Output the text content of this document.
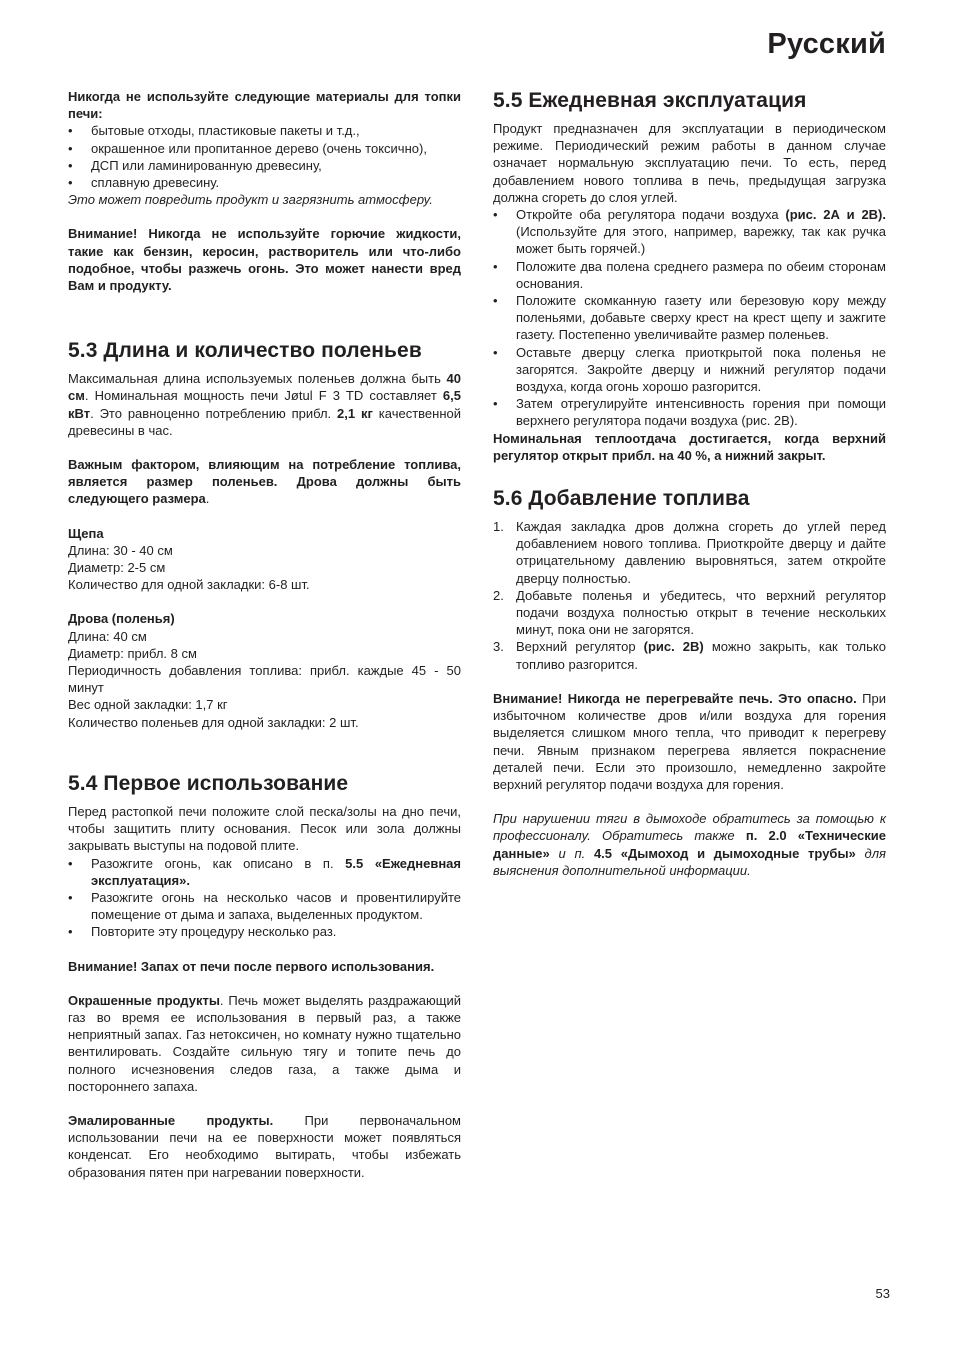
Русский

Никогда не используйте следующие материалы для топки печи:

•	бытовые отходы, пластиковые пакеты и т.д.,
•	окрашенное или пропитанное дерево (очень токсично),
•	ДСП или ламинированную древесину,
•	сплавную древесину.

Это может повредить продукт и загрязнить атмосферу.

Внимание! Никогда не используйте горючие жидкости, такие как бензин, керосин, растворитель или что-либо подобное, чтобы разжечь огонь. Это может нанести вред Вам и продукту.

5.3 Длина и количество поленьев

Максимальная длина используемых поленьев должна быть 40 см. Номинальная мощность печи Jøtul F 3 TD составляет 6,5 кВт. Это равноценно потреблению прибл. 2,1 кг качественной древесины в час.

Важным фактором, влияющим на потребление топлива, является размер поленьев. Дрова должны быть следующего размера.

Щепа

Длина: 30 - 40 см

Диаметр: 2-5 см

Количество для одной закладки: 6-8 шт.

Дрова (поленья)

Длина: 40 см

Диаметр: прибл. 8 см

Периодичность добавления топлива: прибл. каждые 45 - 50 минут

Вес одной закладки: 1,7 кг

Количество поленьев для одной закладки: 2 шт.

5.4 Первое использование

Перед растопкой печи положите слой песка/золы на дно печи, чтобы защитить плиту основания. Песок или зола должны закрывать выступы на подовой плите.

•	Разожгите огонь, как описано в п. 5.5 «Ежедневная эксплуатация».
•	Разожгите огонь на несколько часов и провентилируйте помещение от дыма и запаха, выделенных продуктом.
•	Повторите эту процедуру несколько раз.

Внимание! Запах от печи после первого использования.

Окрашенные продукты. Печь может выделять раздражающий газ во время ее использования в первый раз, а также неприятный запах. Газ нетоксичен, но комнату нужно тщательно вентилировать. Создайте сильную тягу и топите печь до полного исчезновения следов газа, а также дыма и постороннего запаха.

Эмалированные продукты. При первоначальном использовании печи на ее поверхности может появляться конденсат. Его необходимо вытирать, чтобы избежать образования пятен при нагревании поверхности.

5.5 Ежедневная эксплуатация

Продукт предназначен для эксплуатации в периодическом режиме. Периодический режим работы в данном случае означает нормальную эксплуатацию печи. То есть, перед добавлением нового топлива в печь, предыдущая загрузка должна сгореть до слоя углей.

•	Откройте оба регулятора подачи воздуха (рис. 2А и 2В). (Используйте для этого, например, варежку, так как ручка может быть горячей.)
•	Положите два полена среднего размера по обеим сторонам основания.
•	Положите скомканную газету или березовую кору между поленьями, добавьте сверху крест на крест щепу и зажгите газету. Постепенно увеличивайте размер поленьев.
•	Оставьте дверцу слегка приоткрытой пока поленья не загорятся. Закройте дверцу и нижний регулятор подачи воздуха, когда огонь хорошо разгорится.
•	Затем отрегулируйте интенсивность горения при помощи верхнего регулятора подачи воздуха (рис. 2В).

Номинальная теплоотдача достигается, когда верхний регулятор открыт прибл. на 40 %, а нижний закрыт.

5.6 Добавление топлива
1. Каждая закладка дров должна сгореть до углей перед добавлением нового топлива. Приоткройте дверцу и дайте отрицательному давлению выровняться, затем откройте дверцу полностью.
2. Добавьте поленья и убедитесь, что верхний регулятор подачи воздуха полностью открыт в течение нескольких минут, пока они не загорятся.
3. Верхний регулятор (рис. 2В) можно закрыть, как только топливо разгорится.

Внимание! Никогда не перегревайте печь. Это опасно. При избыточном количестве дров и/или воздуха для горения выделяется слишком много тепла, что приводит к перегреву печи. Явным признаком перегрева является покраснение деталей печи. Если это произошло, немедленно закройте верхний регулятор подачи воздуха для горения.

При нарушении тяги в дымоходе обратитесь за помощью к профессионалу. Обратитесь также п. 2.0 «Технические данные» и п. 4.5 «Дымоход и дымоходные трубы» для выяснения дополнительной информации.

53
